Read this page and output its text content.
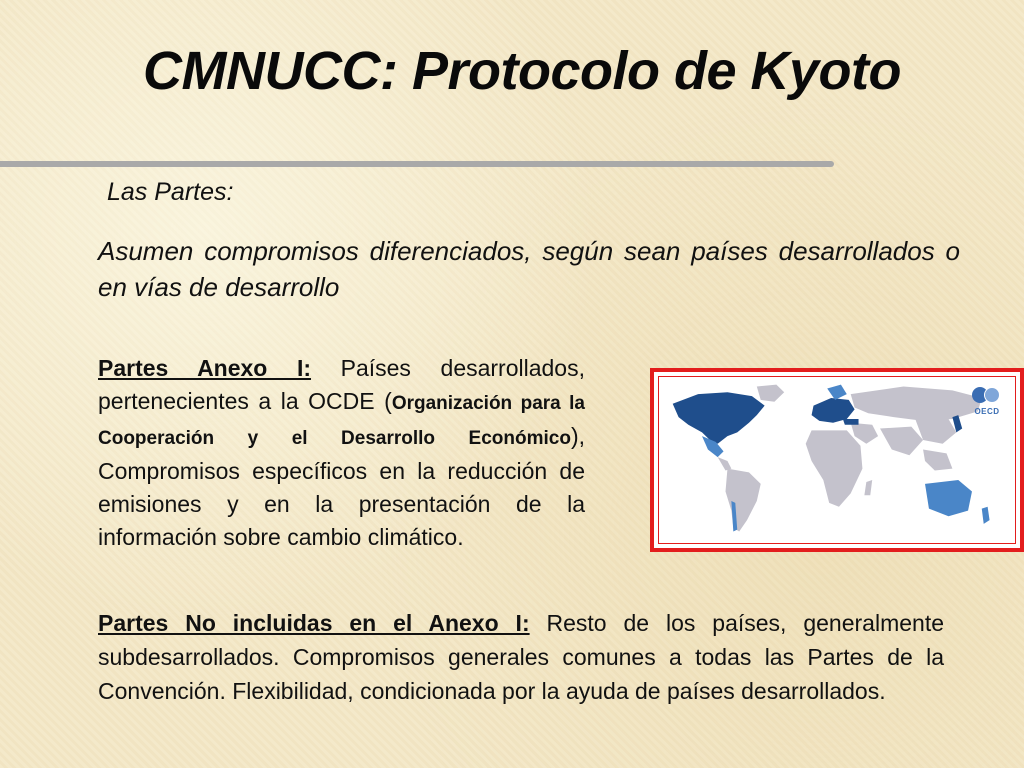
CMNUCC: Protocolo de Kyoto
Las Partes:
Asumen compromisos diferenciados, según sean países desarrollados o en vías de desarrollo
Partes Anexo I: Países desarrollados, pertenecientes a la OCDE (Organización para la Cooperación y el Desarrollo Económico), Compromisos específicos en la reducción de emisiones y en la presentación de la información sobre cambio climático.
OECD
Partes No incluidas en el Anexo I: Resto de los países, generalmente subdesarrollados. Compromisos generales comunes a todas las Partes de la Convención. Flexibilidad, condicionada por la ayuda de países desarrollados.
